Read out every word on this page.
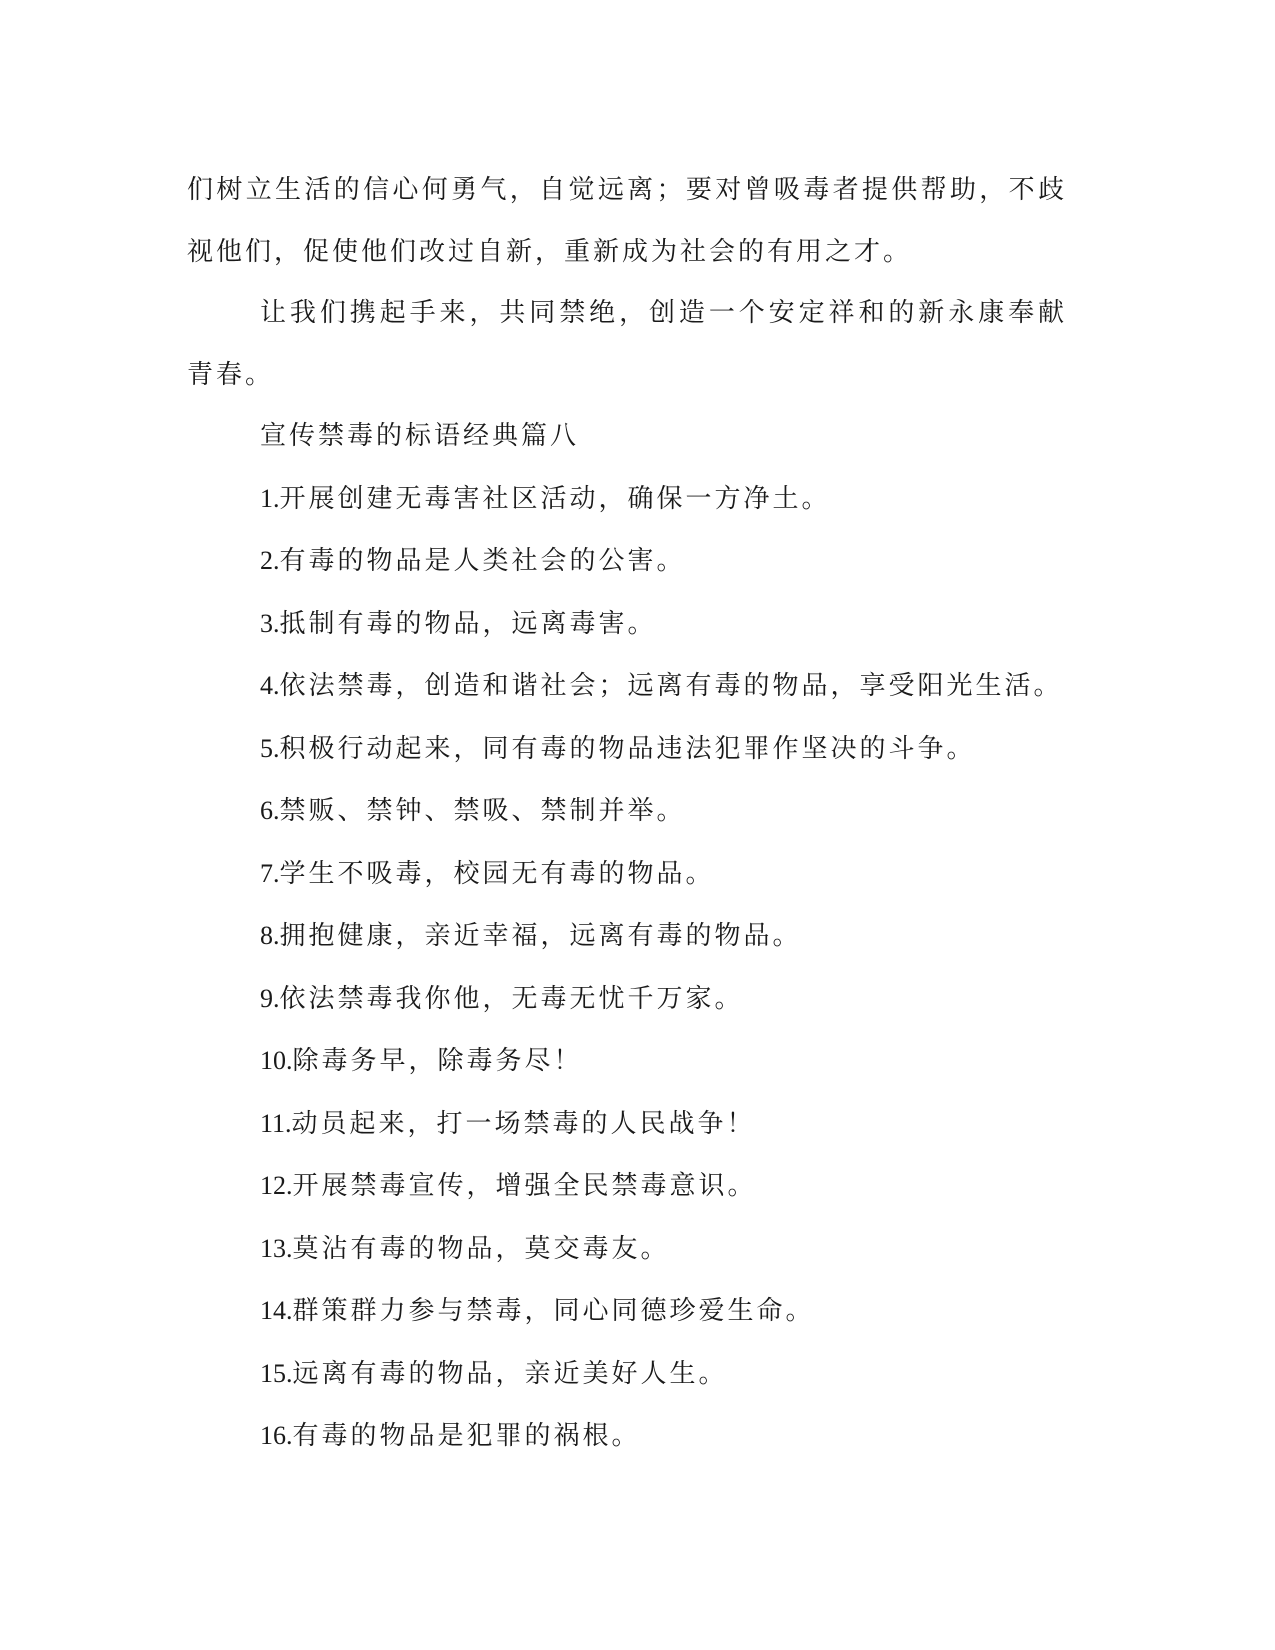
们树立生活的信心何勇气，自觉远离；要对曾吸毒者提供帮助，不歧视他们，促使他们改过自新，重新成为社会的有用之才。

让我们携起手来，共同禁绝，创造一个安定祥和的新永康奉献青春。

宣传禁毒的标语经典篇八

1.开展创建无毒害社区活动，确保一方净土。
2.有毒的物品是人类社会的公害。
3.抵制有毒的物品，远离毒害。
4.依法禁毒，创造和谐社会；远离有毒的物品，享受阳光生活。
5.积极行动起来，同有毒的物品违法犯罪作坚决的斗争。
6.禁贩、禁钟、禁吸、禁制并举。
7.学生不吸毒，校园无有毒的物品。
8.拥抱健康，亲近幸福，远离有毒的物品。
9.依法禁毒我你他，无毒无忧千万家。
10.除毒务早，除毒务尽！
11.动员起来，打一场禁毒的人民战争！
12.开展禁毒宣传，增强全民禁毒意识。
13.莫沾有毒的物品，莫交毒友。
14.群策群力参与禁毒，同心同德珍爱生命。
15.远离有毒的物品，亲近美好人生。
16.有毒的物品是犯罪的祸根。
